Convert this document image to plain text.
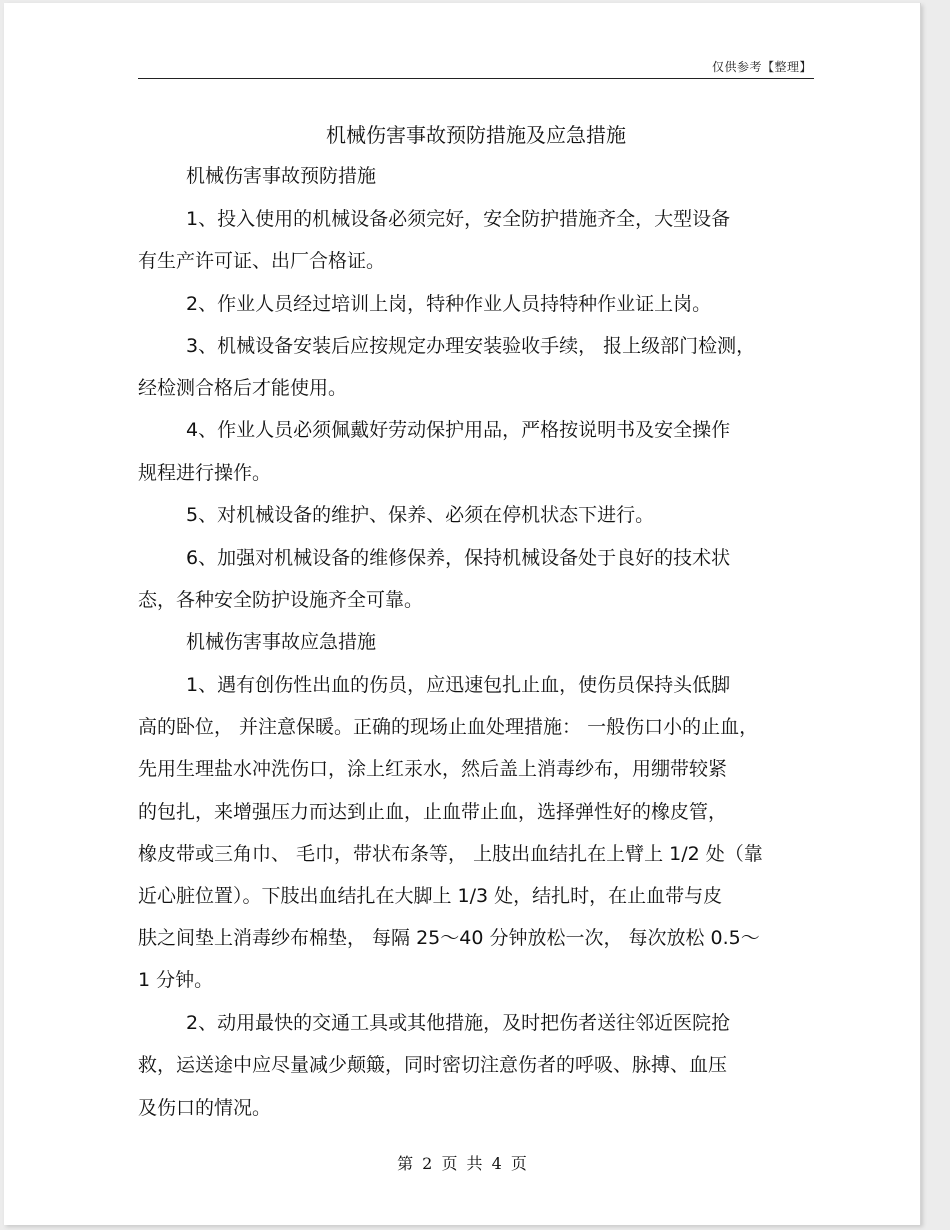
仅供参考【整理】
机械伤害事故预防措施及应急措施
机械伤害事故预防措施
1、投入使用的机械设备必须完好，安全防护措施齐全，大型设备
有生产许可证、出厂合格证。
2、作业人员经过培训上岗，特种作业人员持特种作业证上岗。
3、机械设备安装后应按规定办理安装验收手续， 报上级部门检测，
经检测合格后才能使用。
4、作业人员必须佩戴好劳动保护用品，严格按说明书及安全操作
规程进行操作。
5、对机械设备的维护、保养、必须在停机状态下进行。
6、加强对机械设备的维修保养，保持机械设备处于良好的技术状
态，各种安全防护设施齐全可靠。
机械伤害事故应急措施
1、遇有创伤性出血的伤员，应迅速包扎止血，使伤员保持头低脚
高的卧位， 并注意保暖。正确的现场止血处理措施： 一般伤口小的止血，
先用生理盐水冲洗伤口，涂上红汞水，然后盖上消毒纱布，用绷带较紧
的包扎，来增强压力而达到止血，止血带止血，选择弹性好的橡皮管，
橡皮带或三角巾、 毛巾，带状布条等， 上肢出血结扎在上臂上 1/2 处（靠
近心脏位置）。下肢出血结扎在大脚上 1/3 处，结扎时，在止血带与皮
肤之间垫上消毒纱布棉垫， 每隔 25～40 分钟放松一次， 每次放松 0.5～
1 分钟。
2、动用最快的交通工具或其他措施，及时把伤者送往邻近医院抢
救，运送途中应尽量减少颠簸，同时密切注意伤者的呼吸、脉搏、血压
及伤口的情况。
第 2 页 共 4 页
